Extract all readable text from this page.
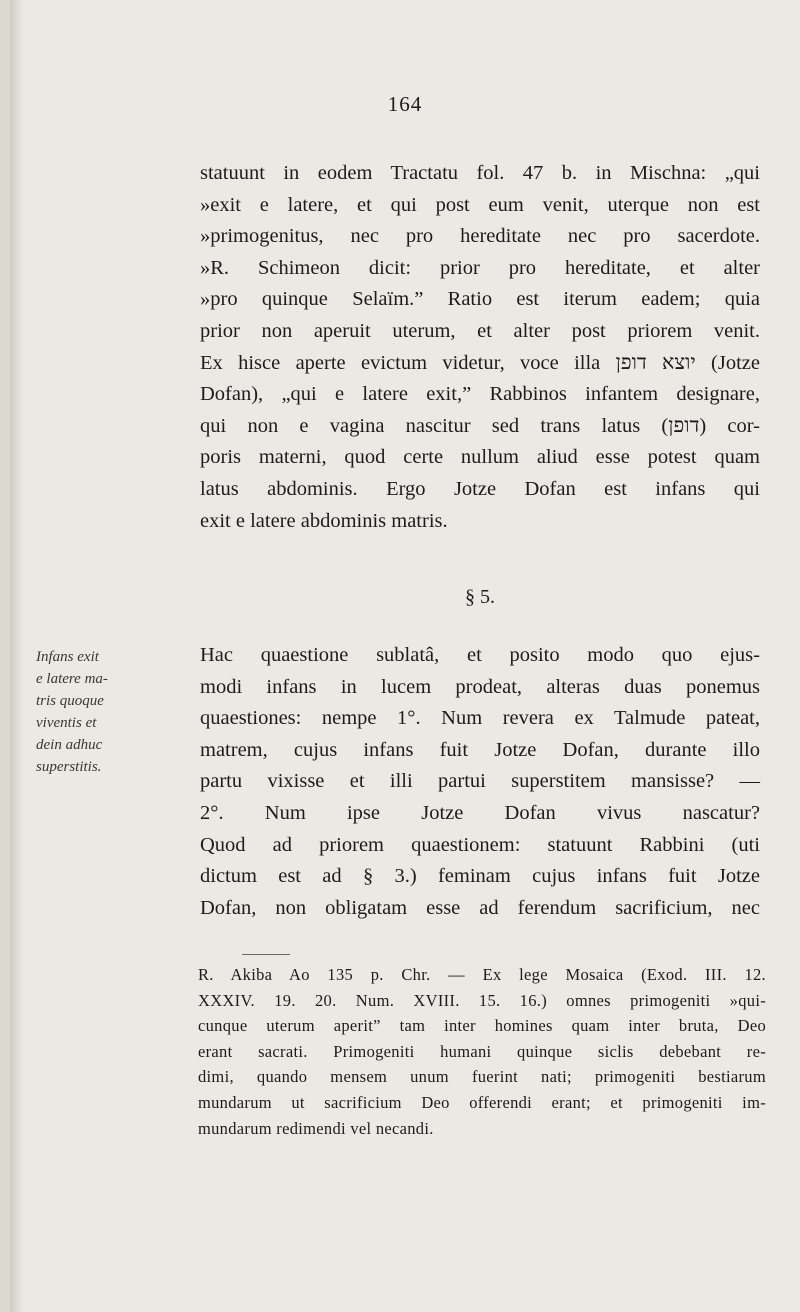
164
statuunt in eodem Tractatu fol. 47 b. in Mischna: „qui
»exit e latere, et qui post eum venit, uterque non est
»primogenitus, nec pro hereditate nec pro sacerdote.
»R. Schimeon dicit: prior pro hereditate, et alter
»pro quinque Selaïm.” Ratio est iterum eadem; quia
prior non aperuit uterum, et alter post priorem venit.
Ex hisce aperte evictum videtur, voce illa יוצא דופן (Jotze
Dofan), „qui e latere exit,” Rabbinos infantem designare,
qui non e vagina nascitur sed trans latus (דופן) cor-
poris materni, quod certe nullum aliud esse potest quam
latus abdominis. Ergo Jotze Dofan est infans qui
exit e latere abdominis matris.
§ 5.
Infans exit
e latere ma-
tris quoque
viventis et
dein adhuc
superstitis.
Hac quaestione sublatâ, et posito modo quo ejus-
modi infans in lucem prodeat, alteras duas ponemus
quaestiones: nempe 1°. Num revera ex Talmude pateat,
matrem, cujus infans fuit Jotze Dofan, durante illo
partu vixisse et illi partui superstitem mansisse? —
2°. Num ipse Jotze Dofan vivus nascatur?
Quod ad priorem quaestionem: statuunt Rabbini (uti
dictum est ad § 3.) feminam cujus infans fuit Jotze
Dofan, non obligatam esse ad ferendum sacrificium, nec
R. Akiba Ao 135 p. Chr. — Ex lege Mosaica (Exod. III. 12.
XXXIV. 19. 20. Num. XVIII. 15. 16.) omnes primogeniti »qui-
cunque uterum aperit” tam inter homines quam inter bruta, Deo
erant sacrati. Primogeniti humani quinque siclis debebant re-
dimi, quando mensem unum fuerint nati; primogeniti bestiarum
mundarum ut sacrificium Deo offerendi erant; et primogeniti im-
mundarum redimendi vel necandi.
